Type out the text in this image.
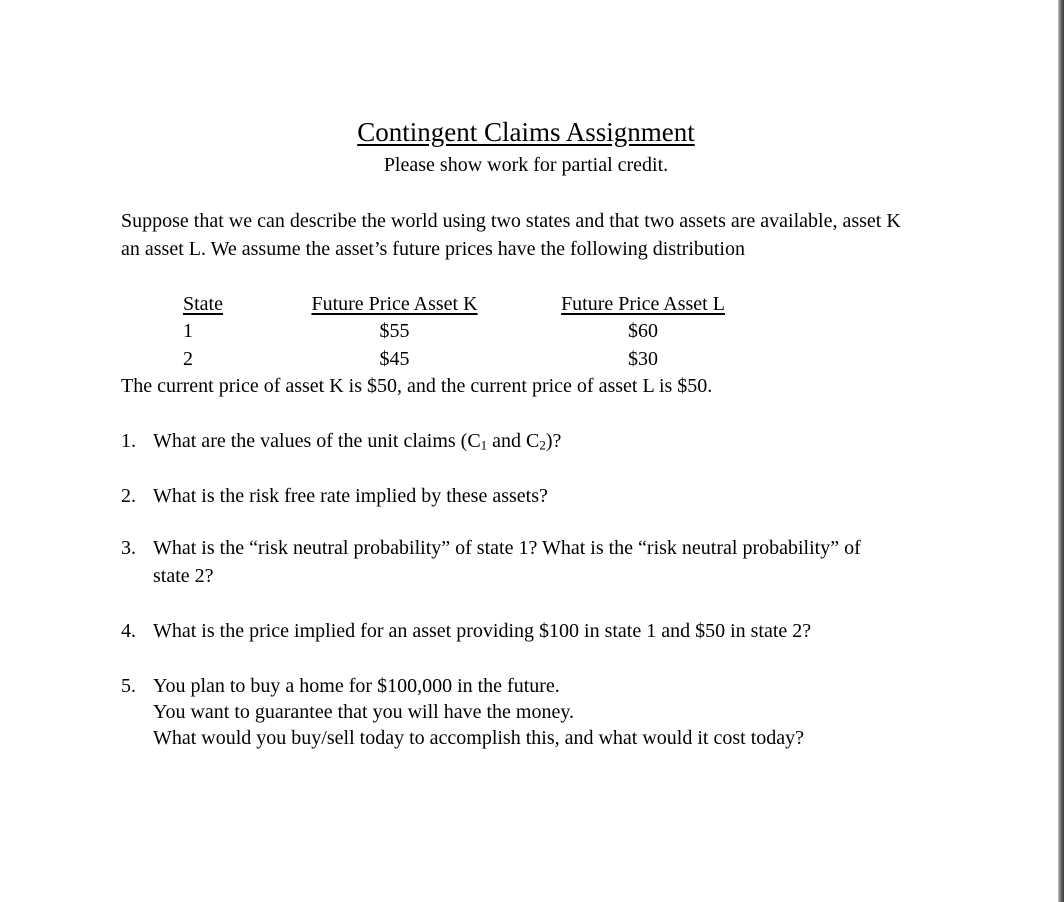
Contingent Claims Assignment
Please show work for partial credit.
Suppose that we can describe the world using two states and that two assets are available, asset K
an asset L. We assume the asset’s future prices have the following distribution
State	Future Price Asset K	Future Price Asset L
1	$55	$60
2	$45	$30
The current price of asset K is $50, and the current price of asset L is $50.
1. What are the values of the unit claims ($C_1$ and $C_2$)?
2. What is the risk free rate implied by these assets?
3. What is the “risk neutral probability” of state 1? What is the “risk neutral probability” of
state 2?
4. What is the price implied for an asset providing $100 in state 1 and $50 in state 2?
5. You plan to buy a home for $100,000 in the future.
You want to guarantee that you will have the money.
What would you buy/sell today to accomplish this, and what would it cost today?
